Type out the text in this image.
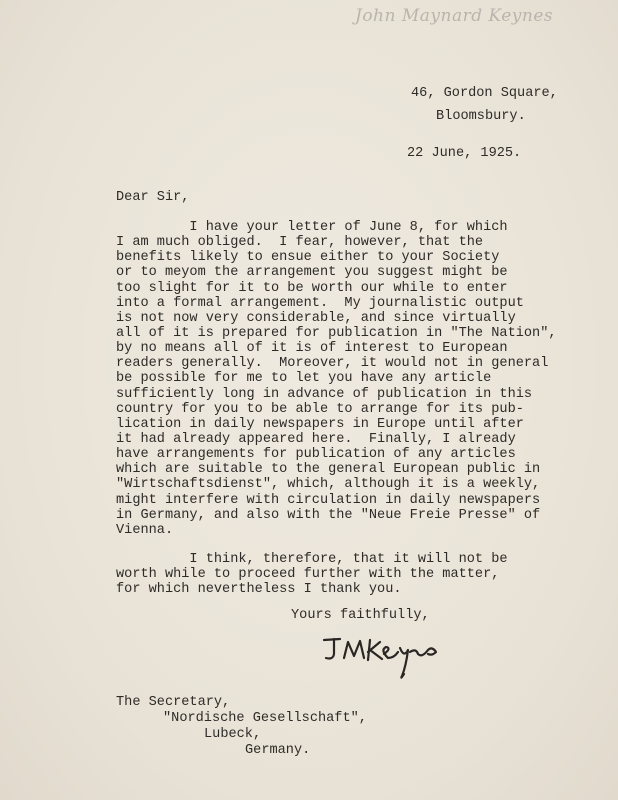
John Maynard Keynes
46, Gordon Square,
Bloomsbury.
22 June, 1925.
Dear Sir,
I have your letter of June 8, for which
I am much obliged.  I fear, however, that the
benefits likely to ensue either to your Society
or to meyom the arrangement you suggest might be
too slight for it to be worth our while to enter
into a formal arrangement.  My journalistic output
is not now very considerable, and since virtually
all of it is prepared for publication in "The Nation",
by no means all of it is of interest to European
readers generally.  Moreover, it would not in general
be possible for me to let you have any article
sufficiently long in advance of publication in this
country for you to be able to arrange for its pub-
lication in daily newspapers in Europe until after
it had already appeared here.  Finally, I already
have arrangements for publication of any articles
which are suitable to the general European public in
"Wirtschaftsdienst", which, although it is a weekly,
might interfere with circulation in daily newspapers
in Germany, and also with the "Neue Freie Presse" of
Vienna.
I think, therefore, that it will not be
worth while to proceed further with the matter,
for which nevertheless I thank you.
Yours faithfully,
The Secretary,
"Nordische Gesellschaft",
Lubeck,
Germany.
